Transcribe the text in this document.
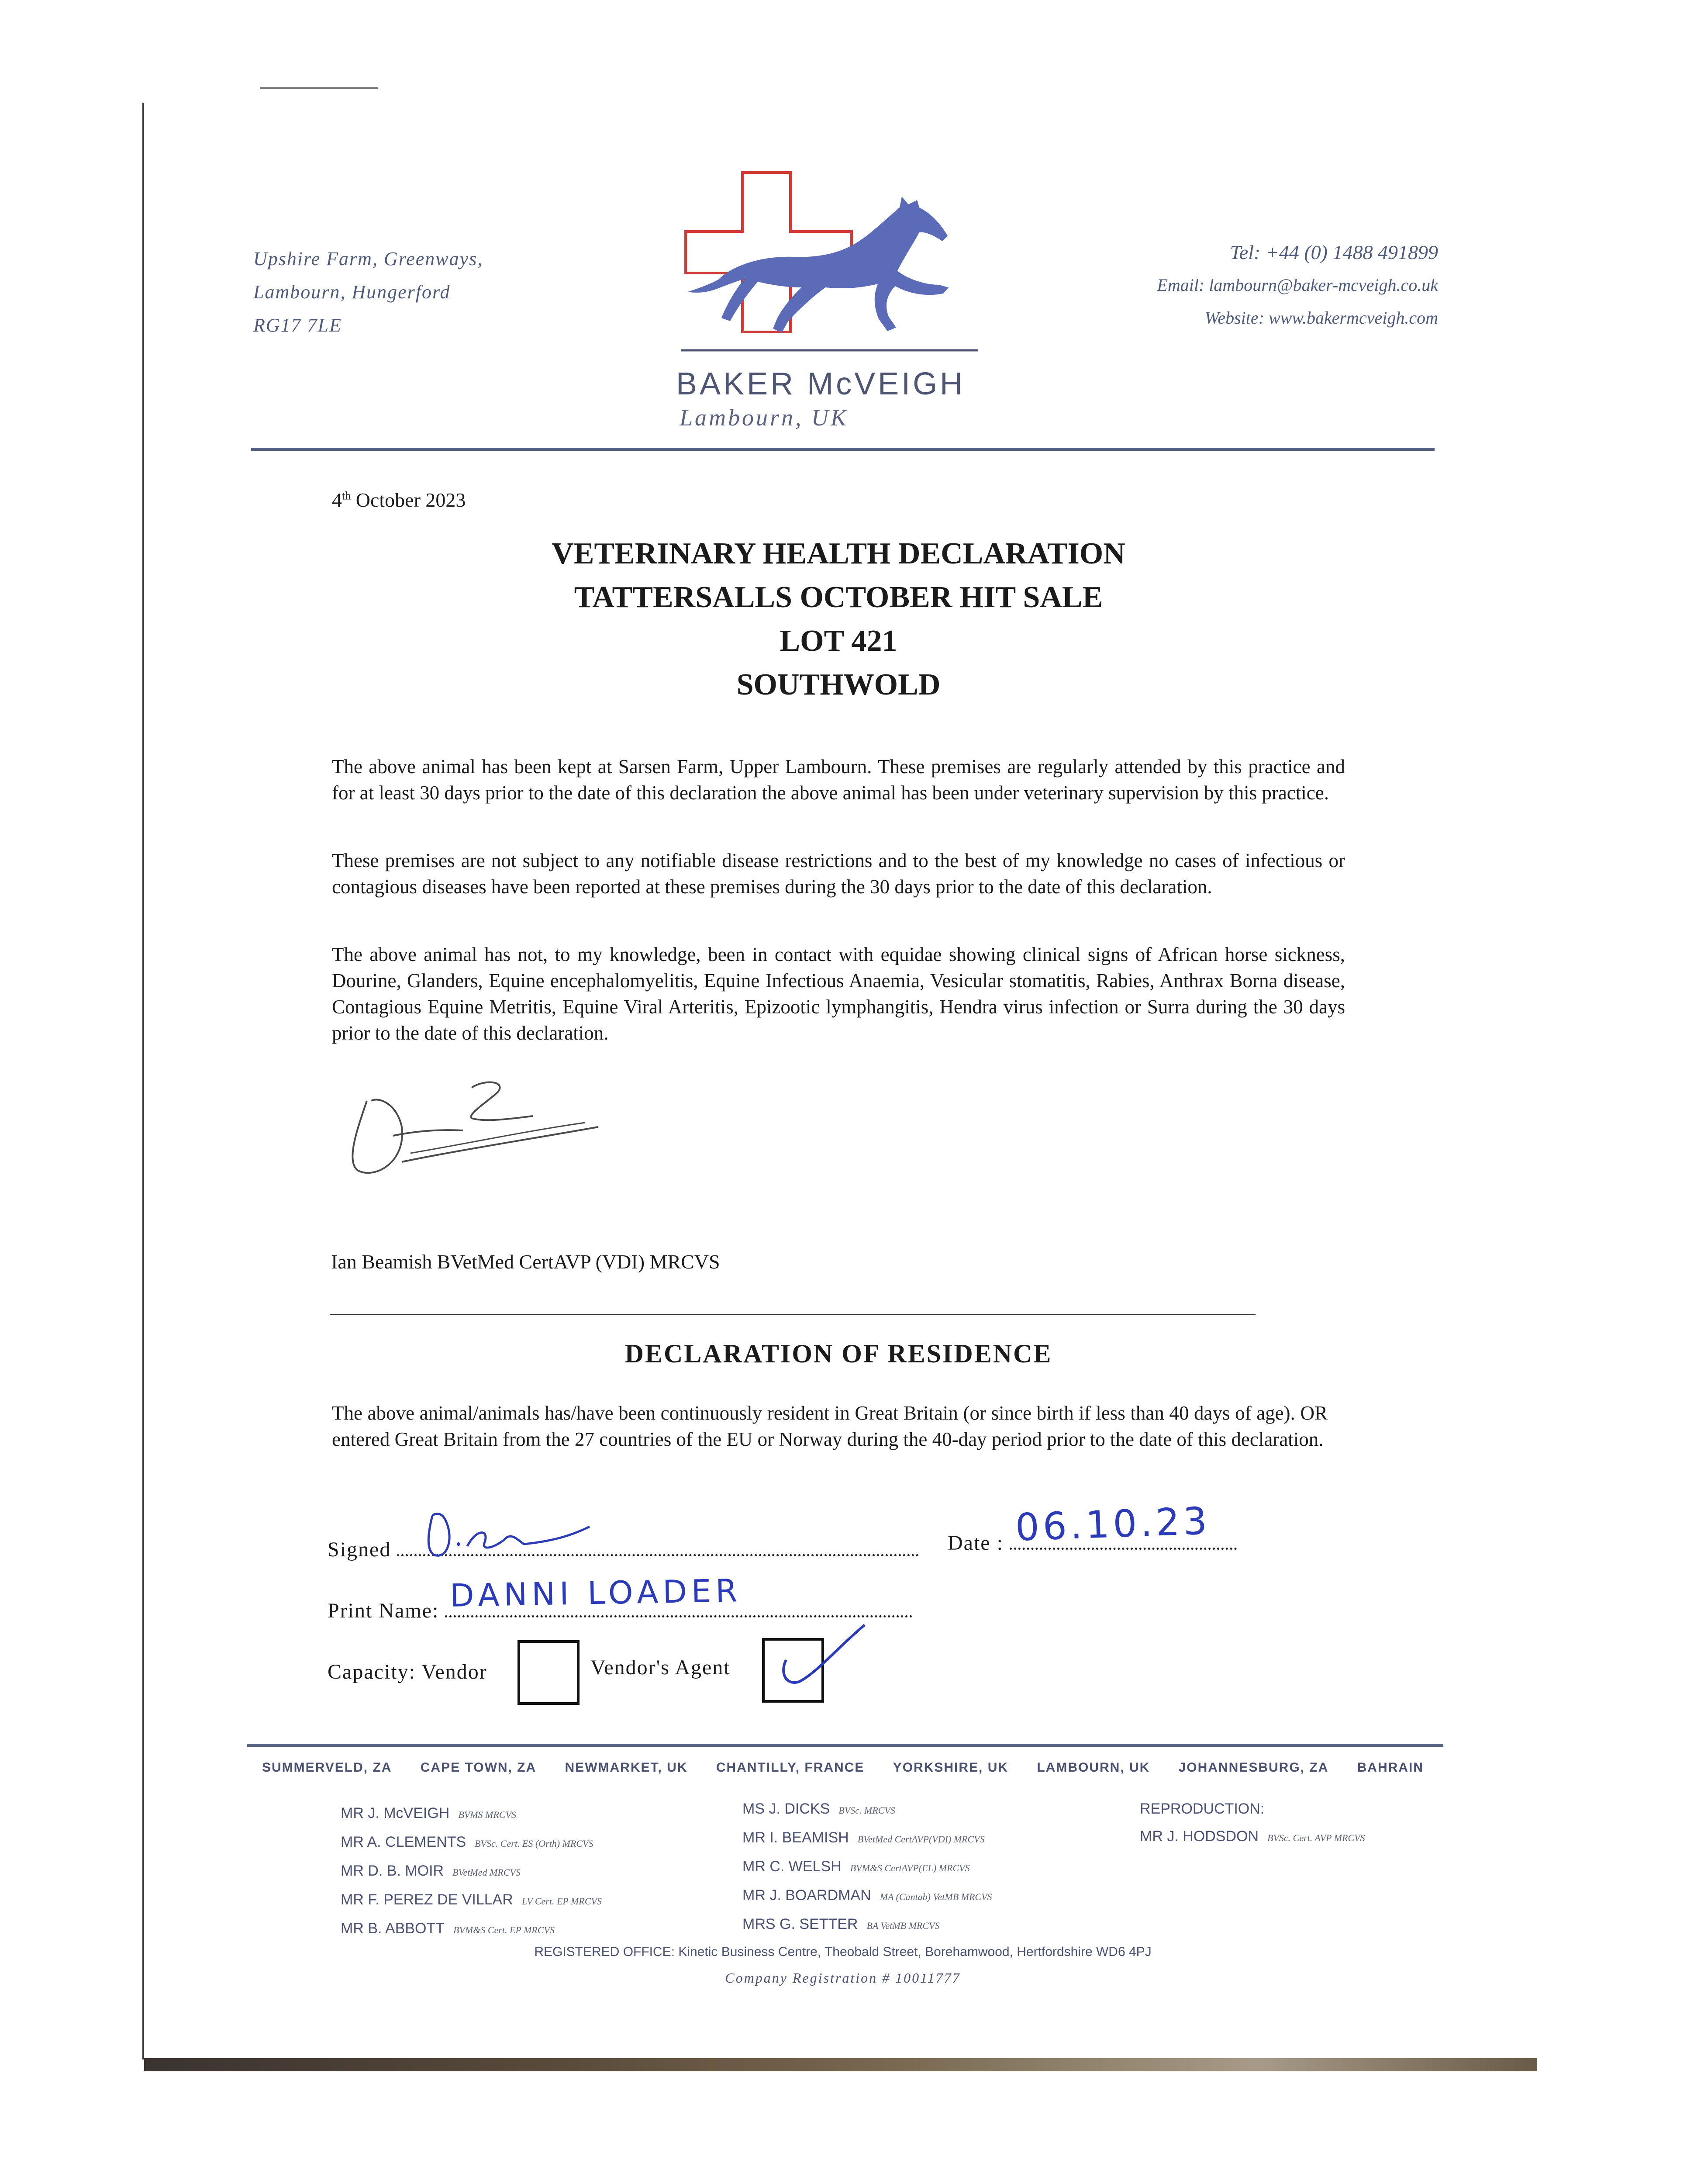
Upshire Farm, Greenways,
Lambourn, Hungerford
RG17 7LE
BAKER McVEIGH
Lambourn, UK
Tel: +44 (0) 1488 491899
Email: lambourn@baker-mcveigh.co.uk
Website: www.bakermcveigh.com
4th October 2023
VETERINARY HEALTH DECLARATION
TATTERSALLS OCTOBER HIT SALE
LOT 421
SOUTHWOLD
The above animal has been kept at Sarsen Farm, Upper Lambourn. These premises are regularly attended by this practice and for at least 30 days prior to the date of this declaration the above animal has been under veterinary supervision by this practice.
These premises are not subject to any notifiable disease restrictions and to the best of my knowledge no cases of infectious or contagious diseases have been reported at these premises during the 30 days prior to the date of this declaration.
The above animal has not, to my knowledge, been in contact with equidae showing clinical signs of African horse sickness, Dourine, Glanders, Equine encephalomyelitis, Equine Infectious Anaemia, Vesicular stomatitis, Rabies, Anthrax Borna disease, Contagious Equine Metritis, Equine Viral Arteritis, Epizootic lymphangitis, Hendra virus infection or Surra during the 30 days prior to the date of this declaration.
Ian Beamish BVetMed CertAVP (VDI) MRCVS
DECLARATION OF RESIDENCE
The above animal/animals has/have been continuously resident in Great Britain (or since birth if less than 40 days of age). OR entered Great Britain from the 27 countries of the EU or Norway during the 40-day period prior to the date of this declaration.
Signed	Date : 06.10.23
Print Name: DANNI LOADER
Capacity: Vendor	Vendor's Agent
SUMMERVELD, ZA CAPE TOWN, ZA NEWMARKET, UK CHANTILLY, FRANCE YORKSHIRE, UK LAMBOURN, UK JOHANNESBURG, ZA BAHRAIN
MR J. McVEIGH BVMS MRCVS
MR A. CLEMENTS BVSc. Cert. ES (Orth) MRCVS
MR D. B. MOIR BVetMed MRCVS
MR F. PEREZ DE VILLAR LV Cert. EP MRCVS
MR B. ABBOTT BVM&S Cert. EP MRCVS
MS J. DICKS BVSc. MRCVS
MR I. BEAMISH BVetMed CertAVP(VDI) MRCVS
MR C. WELSH BVM&S CertAVP(EL) MRCVS
MR J. BOARDMAN MA (Cantab) VetMB MRCVS
MRS G. SETTER BA VetMB MRCVS
REPRODUCTION:
MR J. HODSDON BVSc. Cert. AVP MRCVS
REGISTERED OFFICE: Kinetic Business Centre, Theobald Street, Borehamwood, Hertfordshire WD6 4PJ
Company Registration # 10011777
